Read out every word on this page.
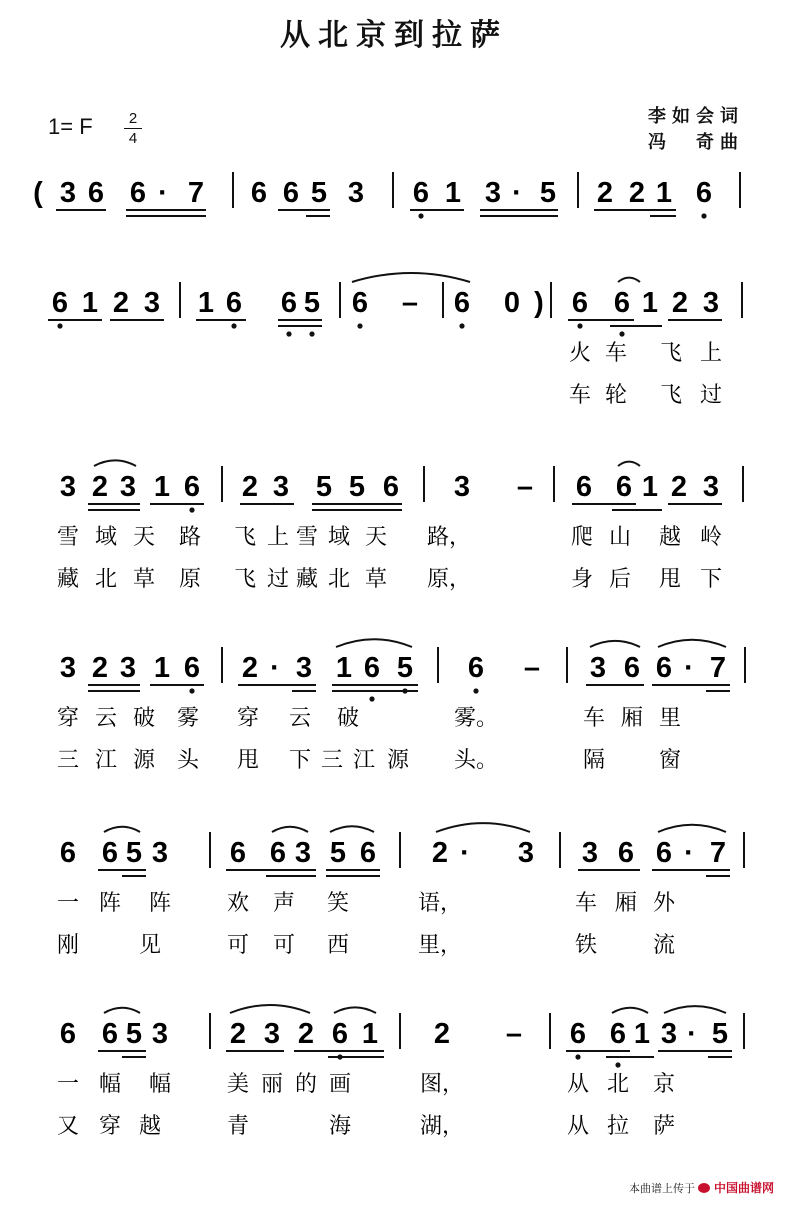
从北京到拉萨
1= F	2
4
李如会词
冯　奇曲
( 3 6 6 · 7 6 6 5 3 6 1 3 · 5 2 2 1 6
6 1 2 3 1 6 6 5 6 – 6 0 ) 6 6 1 2 3
3 2 3 1 6 2 3 5 5 6 3 – 6 6 1 2 3
3 2 3 1 6 2 · 3 1 6 5 6 – 3 6 6 · 7
6 6 5 3 6 6 3 5 6 2 · 3 3 6 6 · 7
6 6 5 3 2 3 2 6 1 2 – 6 6 1 3 · 5
火 车 飞 上
车 轮 飞 过
雪 域 天 路 飞 上 雪 域 天 路，	爬 山 越 岭
藏 北 草 原 飞 过 藏 北 草 原，	身 后 甩 下
穿 云 破 雾 穿 云 破	雾。	车 厢 里
三 江 源 头 甩 下 三 江 源 头。	隔 窗
一 阵 阵	欢 声 笑	语，	车 厢 外
刚	见	可 可 西	里，	铁	流
一 幅 幅	美 丽 的 画	图，	从 北 京
又 穿 越	青	海	湖，	从 拉 萨
本曲谱上传于 中国曲谱网
